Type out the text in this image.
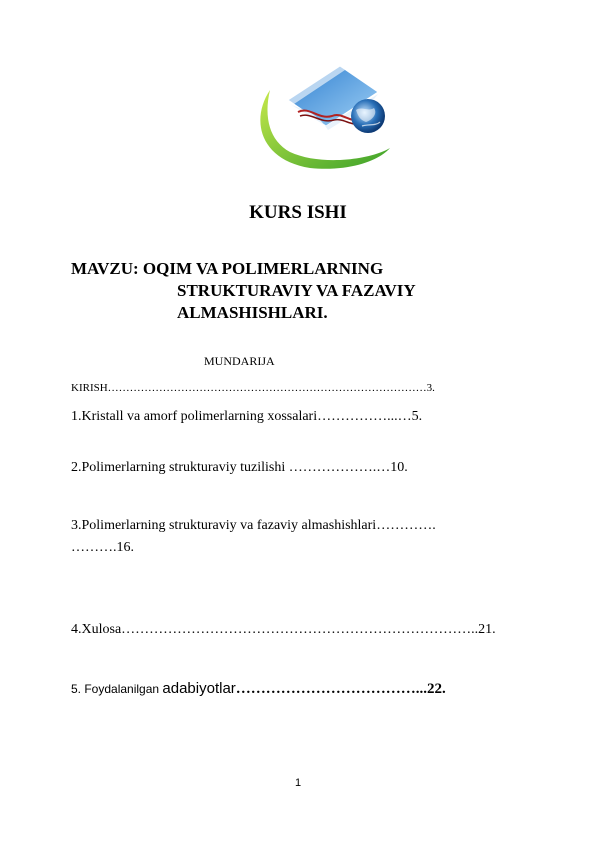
KURS ISHI
MAVZU: OQIM VA POLIMERLARNING
STRUKTURAVIY VA FAZAVIY
ALMASHISHLARI.
MUNDARIJA
KIRISH……………………………………………………………………………3.
1.Kristall va amorf polimerlarning xossalari……………...…5.
2.Polimerlarning strukturaviy tuzilishi ……………….…10.
3.Polimerlarning strukturaviy va fazaviy almashishlari………….
……….16.
4.Xulosa…………………………………………………………………..21.
5. Foydalanilgan adabiyotlar………………………………...22.
1
